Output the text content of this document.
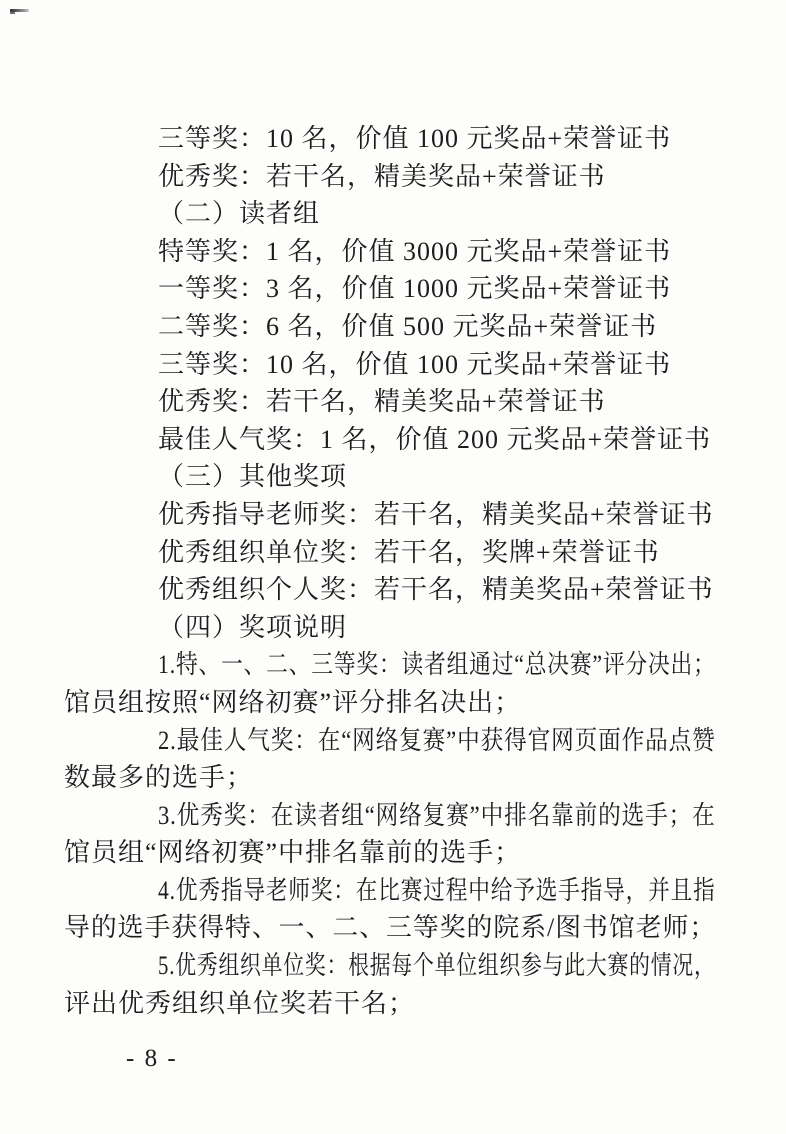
三等奖：10 名，价值 100 元奖品+荣誉证书
优秀奖：若干名，精美奖品+荣誉证书
（二）读者组
特等奖：1 名，价值 3000 元奖品+荣誉证书
一等奖：3 名，价值 1000 元奖品+荣誉证书
二等奖：6 名，价值 500 元奖品+荣誉证书
三等奖：10 名，价值 100 元奖品+荣誉证书
优秀奖：若干名，精美奖品+荣誉证书
最佳人气奖：1 名，价值 200 元奖品+荣誉证书
（三）其他奖项
优秀指导老师奖：若干名，精美奖品+荣誉证书
优秀组织单位奖：若干名，奖牌+荣誉证书
优秀组织个人奖：若干名，精美奖品+荣誉证书
（四）奖项说明
1.特、一、二、三等奖：读者组通过“总决赛”评分决出；
馆员组按照“网络初赛”评分排名决出；
2.最佳人气奖：在“网络复赛”中获得官网页面作品点赞
数最多的选手；
3.优秀奖：在读者组“网络复赛”中排名靠前的选手；在
馆员组“网络初赛”中排名靠前的选手；
4.优秀指导老师奖：在比赛过程中给予选手指导，并且指
导的选手获得特、一、二、三等奖的院系/图书馆老师；
5.优秀组织单位奖：根据每个单位组织参与此大赛的情况，
评出优秀组织单位奖若干名；
- 8 -
